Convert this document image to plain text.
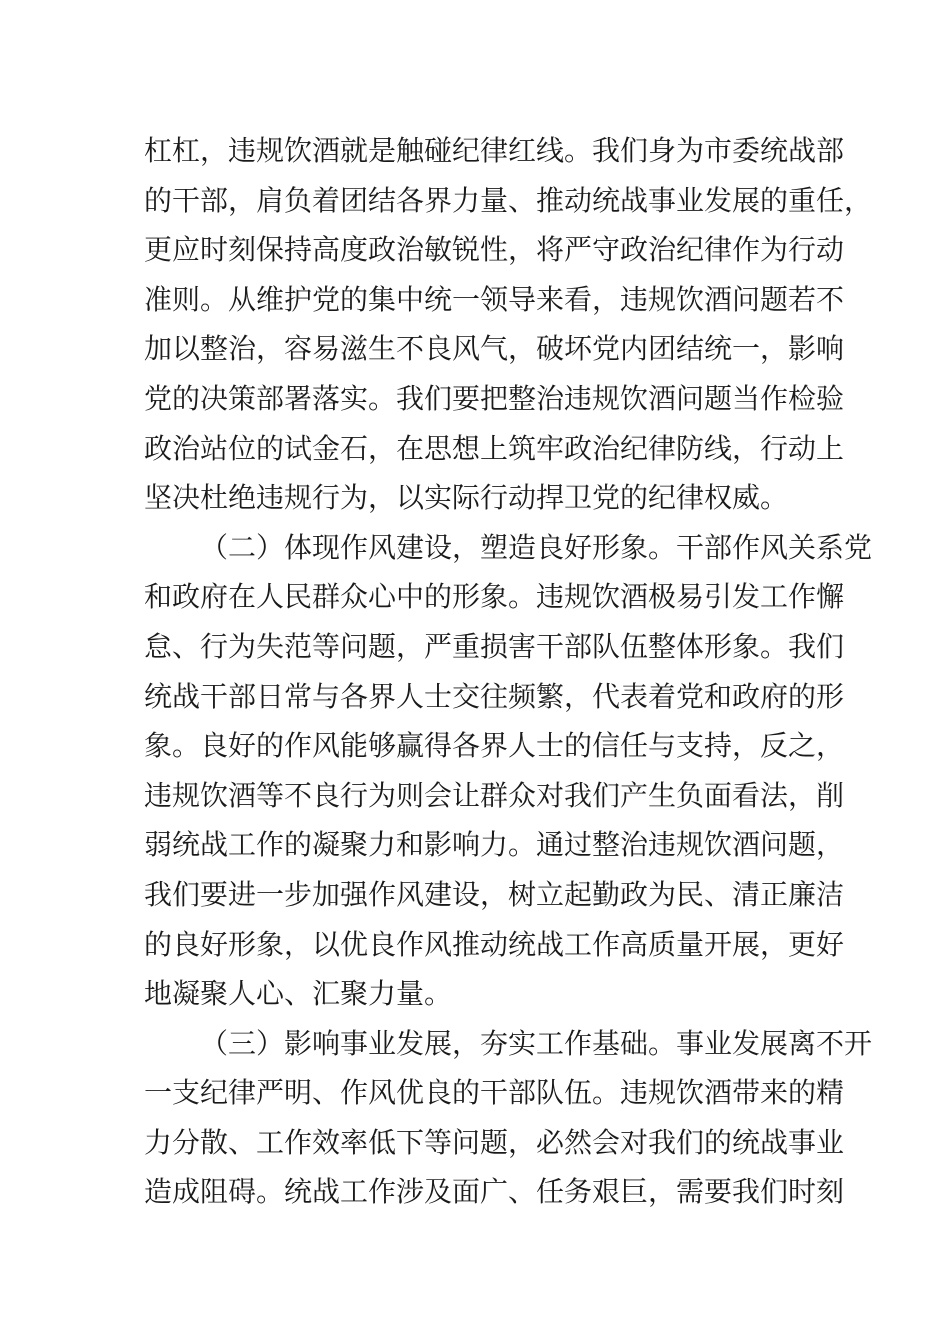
杠杠，违规饮酒就是触碰纪律红线。我们身为市委统战部
的干部，肩负着团结各界力量、推动统战事业发展的重任，
更应时刻保持高度政治敏锐性，将严守政治纪律作为行动
准则。从维护党的集中统一领导来看，违规饮酒问题若不
加以整治，容易滋生不良风气，破坏党内团结统一，影响
党的决策部署落实。我们要把整治违规饮酒问题当作检验
政治站位的试金石，在思想上筑牢政治纪律防线，行动上
坚决杜绝违规行为，以实际行动捍卫党的纪律权威。
（二）体现作风建设，塑造良好形象。干部作风关系党
和政府在人民群众心中的形象。违规饮酒极易引发工作懈
怠、行为失范等问题，严重损害干部队伍整体形象。我们
统战干部日常与各界人士交往频繁，代表着党和政府的形
象。良好的作风能够赢得各界人士的信任与支持，反之，
违规饮酒等不良行为则会让群众对我们产生负面看法，削
弱统战工作的凝聚力和影响力。通过整治违规饮酒问题，
我们要进一步加强作风建设，树立起勤政为民、清正廉洁
的良好形象，以优良作风推动统战工作高质量开展，更好
地凝聚人心、汇聚力量。
（三）影响事业发展，夯实工作基础。事业发展离不开
一支纪律严明、作风优良的干部队伍。违规饮酒带来的精
力分散、工作效率低下等问题，必然会对我们的统战事业
造成阻碍。统战工作涉及面广、任务艰巨，需要我们时刻
